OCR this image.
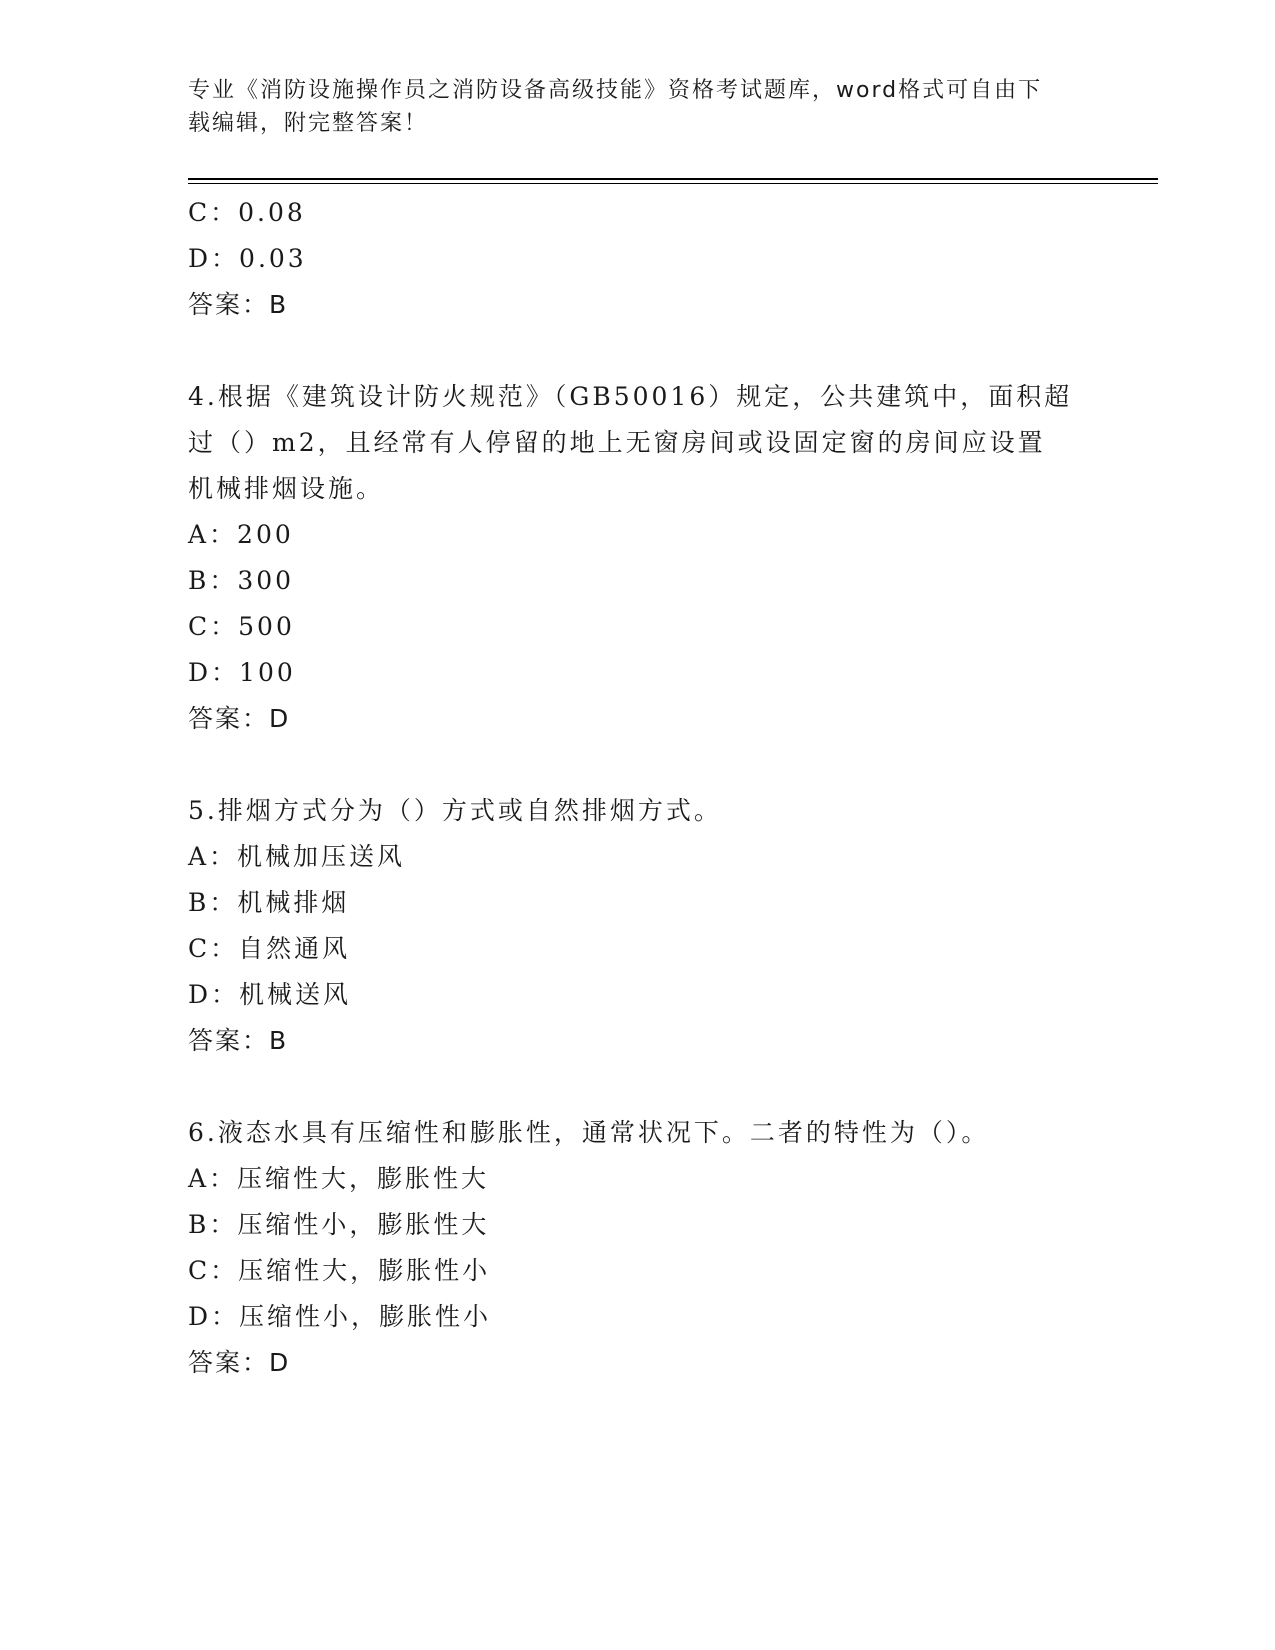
专业《消防设施操作员之消防设备高级技能》资格考试题库，word格式可自由下
载编辑，附完整答案！
C：0.08
D：0.03
答案：B
4.根据《建筑设计防火规范》（GB50016）规定，公共建筑中，面积超
过（）m2，且经常有人停留的地上无窗房间或设固定窗的房间应设置
机械排烟设施。
A：200
B：300
C：500
D：100
答案：D
5.排烟方式分为（）方式或自然排烟方式。
A：机械加压送风
B：机械排烟
C：自然通风
D：机械送风
答案：B
6.液态水具有压缩性和膨胀性，通常状况下。二者的特性为（）。
A：压缩性大，膨胀性大
B：压缩性小，膨胀性大
C：压缩性大，膨胀性小
D：压缩性小，膨胀性小
答案：D
